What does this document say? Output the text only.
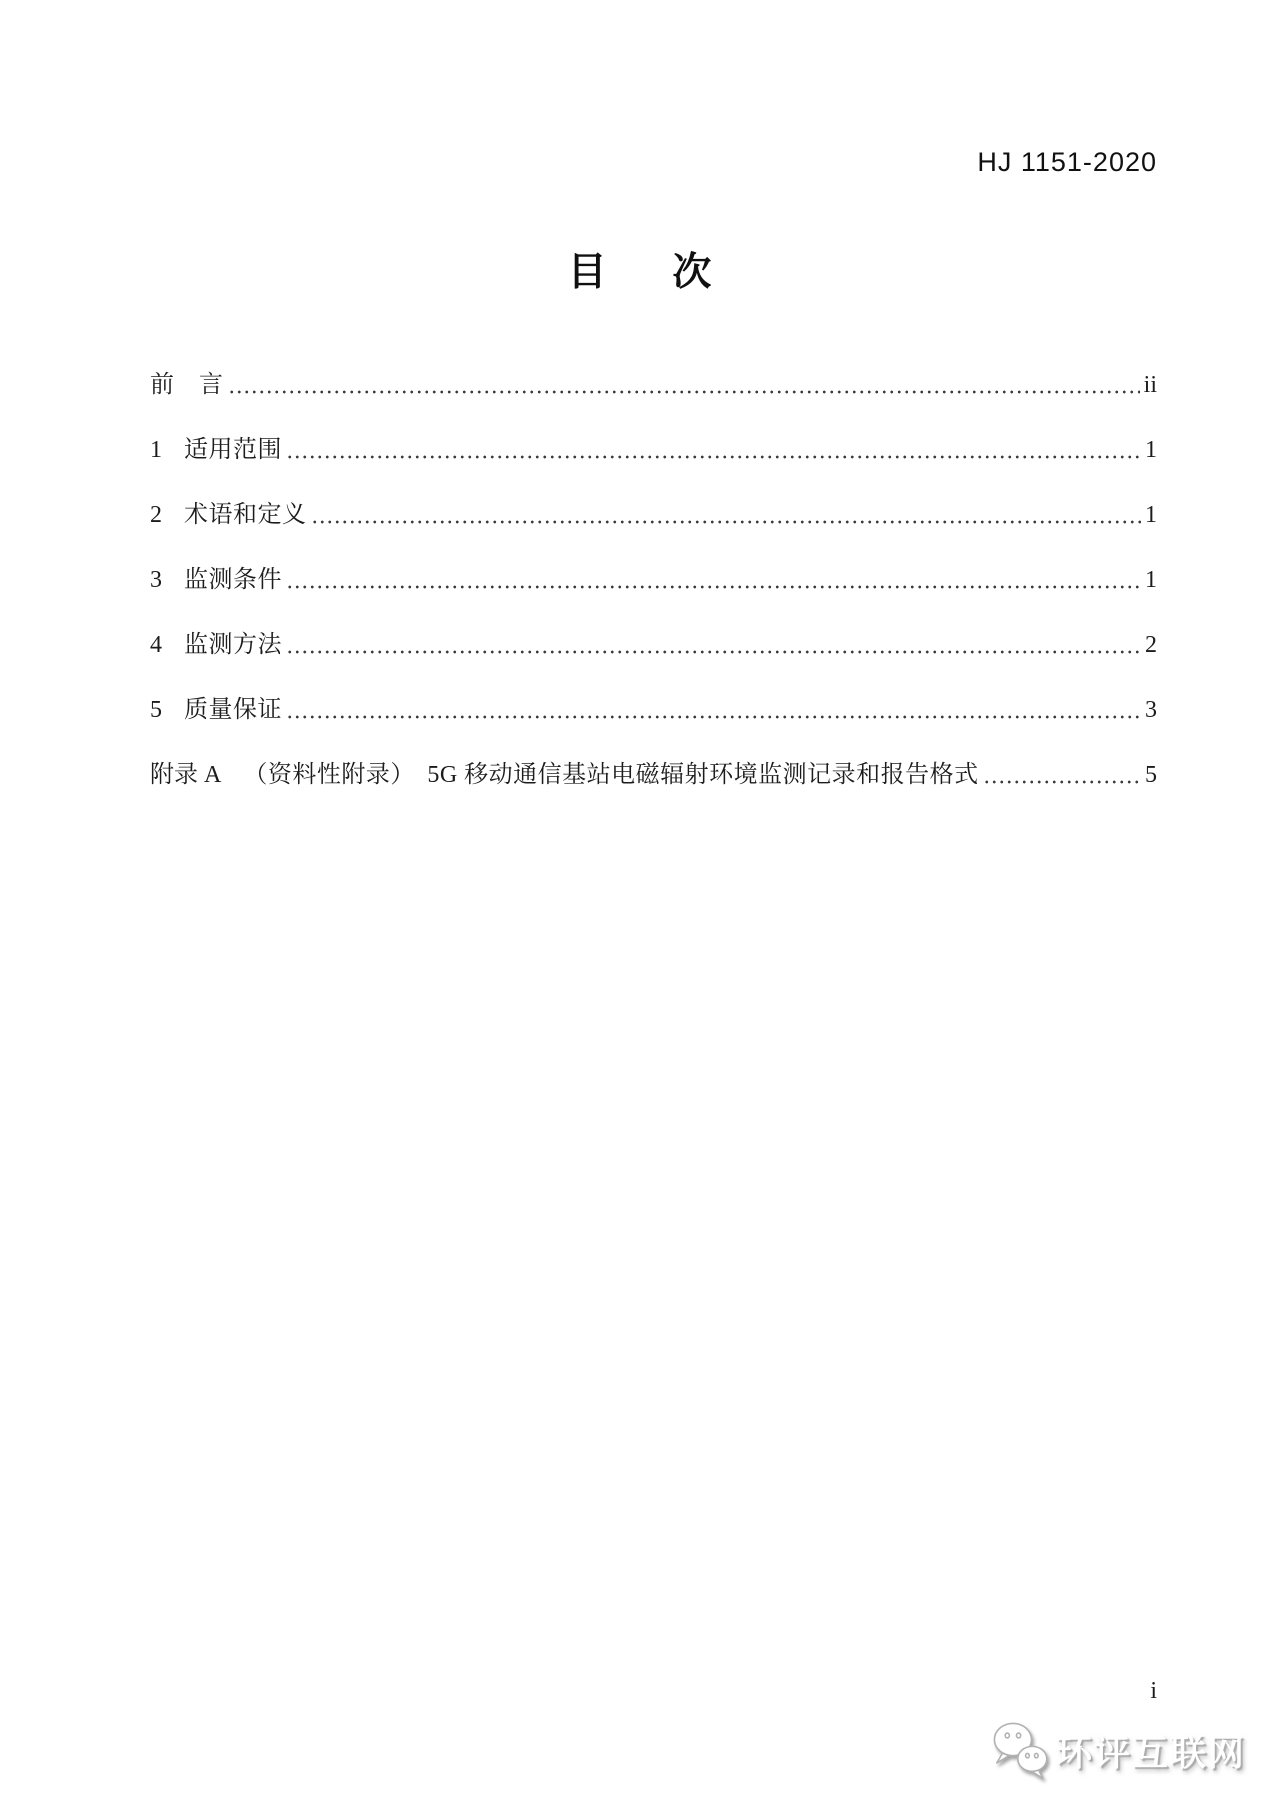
HJ 1151-2020
目 次
前　言	ii
1 适用范围	1
2 术语和定义	1
3 监测条件	1
4 监测方法	2
5 质量保证	3
附录 A （资料性附录）　5G 移动通信基站电磁辐射环境监测记录和报告格式	5
i
环评互联网
